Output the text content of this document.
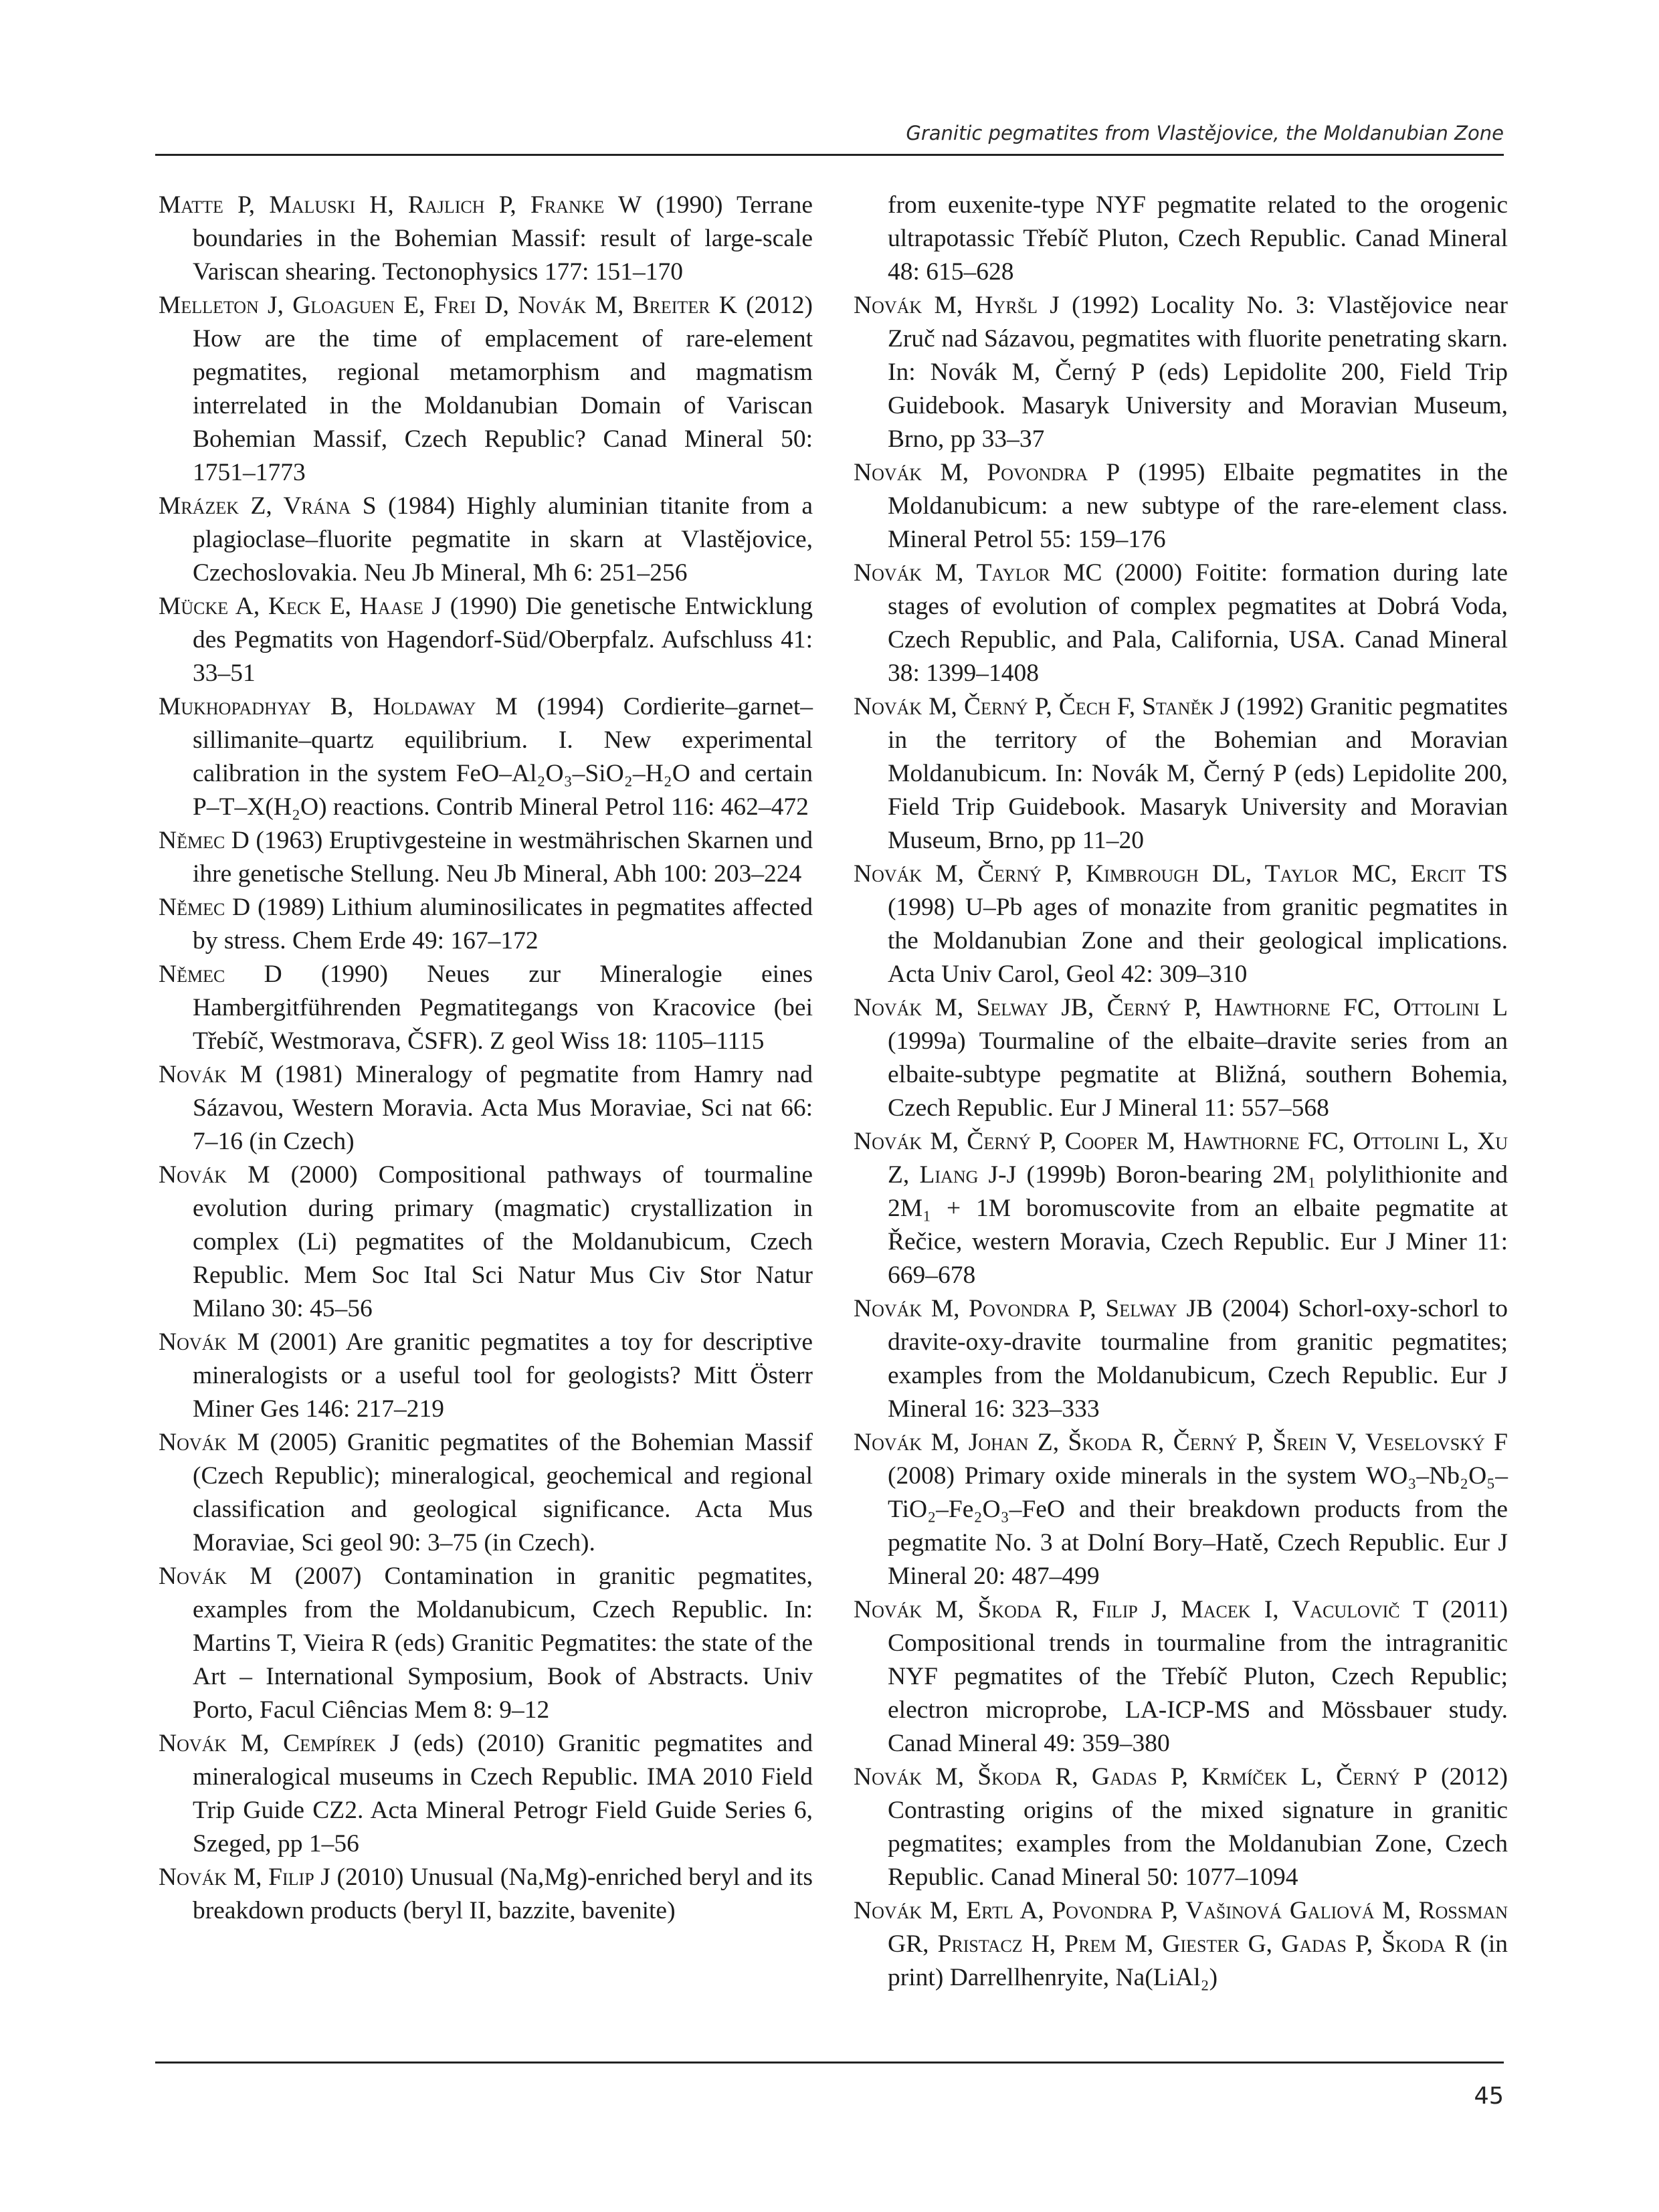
Granitic pegmatites from Vlastějovice, the Moldanubian Zone

Matte P, Maluski H, Rajlich P, Franke W (1990) Terrane boundaries in the Bohemian Massif: result of large-scale Variscan shearing. Tectonophysics 177: 151–170

Melleton J, Gloaguen E, Frei D, Novák M, Breiter K (2012) How are the time of emplacement of rare-element pegmatites, regional metamorphism and magmatism interrelated in the Moldanubian Domain of Variscan Bohemian Massif, Czech Republic? Canad Mineral 50: 1751–1773

Mrázek Z, Vrána S (1984) Highly aluminian titanite from a plagioclase–fluorite pegmatite in skarn at Vlastějovice, Czechoslovakia. Neu Jb Mineral, Mh 6: 251–256

Mücke A, Keck E, Haase J (1990) Die genetische Entwicklung des Pegmatits von Hagendorf-Süd/Oberpfalz. Aufschluss 41: 33–51

Mukhopadhyay B, Holdaway M (1994) Cordierite–garnet–sillimanite–quartz equilibrium. I. New experimental calibration in the system FeO–Al₂O₃–SiO₂–H₂O and certain P–T–X(H₂O) reactions. Contrib Mineral Petrol 116: 462–472

Němec D (1963) Eruptivgesteine in westmährischen Skarnen und ihre genetische Stellung. Neu Jb Mineral, Abh 100: 203–224

Němec D (1989) Lithium aluminosilicates in pegmatites affected by stress. Chem Erde 49: 167–172

Němec D (1990) Neues zur Mineralogie eines Hambergitführenden Pegmatitegangs von Kracovice (bei Třebíč, Westmorava, ČSFR). Z geol Wiss 18: 1105–1115

Novák M (1981) Mineralogy of pegmatite from Hamry nad Sázavou, Western Moravia. Acta Mus Moraviae, Sci nat 66: 7–16 (in Czech)

Novák M (2000) Compositional pathways of tourmaline evolution during primary (magmatic) crystallization in complex (Li) pegmatites of the Moldanubicum, Czech Republic. Mem Soc Ital Sci Natur Mus Civ Stor Natur Milano 30: 45–56

Novák M (2001) Are granitic pegmatites a toy for descriptive mineralogists or a useful tool for geologists? Mitt Österr Miner Ges 146: 217–219

Novák M (2005) Granitic pegmatites of the Bohemian Massif (Czech Republic); mineralogical, geochemical and regional classification and geological significance. Acta Mus Moraviae, Sci geol 90: 3–75 (in Czech).

Novák M (2007) Contamination in granitic pegmatites, examples from the Moldanubicum, Czech Republic. In: Martins T, Vieira R (eds) Granitic Pegmatites: the state of the Art – International Symposium, Book of Abstracts. Univ Porto, Facul Ciências Mem 8: 9–12

Novák M, Cempírek J (eds) (2010) Granitic pegmatites and mineralogical museums in Czech Republic. IMA 2010 Field Trip Guide CZ2. Acta Mineral Petrogr Field Guide Series 6, Szeged, pp 1–56

Novák M, Filip J (2010) Unusual (Na,Mg)-enriched beryl and its breakdown products (beryl II, bazzite, bavenite)

from euxenite-type NYF pegmatite related to the orogenic ultrapotassic Třebíč Pluton, Czech Republic. Canad Mineral 48: 615–628

Novák M, Hyršl J (1992) Locality No. 3: Vlastějovice near Zruč nad Sázavou, pegmatites with fluorite penetrating skarn. In: Novák M, Černý P (eds) Lepidolite 200, Field Trip Guidebook. Masaryk University and Moravian Museum, Brno, pp 33–37

Novák M, Povondra P (1995) Elbaite pegmatites in the Moldanubicum: a new subtype of the rare-element class. Mineral Petrol 55: 159–176

Novák M, Taylor MC (2000) Foitite: formation during late stages of evolution of complex pegmatites at Dobrá Voda, Czech Republic, and Pala, California, USA. Canad Mineral 38: 1399–1408

Novák M, Černý P, Čech F, Staněk J (1992) Granitic pegmatites in the territory of the Bohemian and Moravian Moldanubicum. In: Novák M, Černý P (eds) Lepidolite 200, Field Trip Guidebook. Masaryk University and Moravian Museum, Brno, pp 11–20

Novák M, Černý P, Kimbrough DL, Taylor MC, Ercit TS (1998) U–Pb ages of monazite from granitic pegmatites in the Moldanubian Zone and their geological implications. Acta Univ Carol, Geol 42: 309–310

Novák M, Selway JB, Černý P, Hawthorne FC, Ottolini L (1999a) Tourmaline of the elbaite–dravite series from an elbaite-subtype pegmatite at Bližná, southern Bohemia, Czech Republic. Eur J Mineral 11: 557–568

Novák M, Černý P, Cooper M, Hawthorne FC, Ottolini L, Xu Z, Liang J-J (1999b) Boron-bearing 2M₁ polylithionite and 2M₁ + 1M boromuscovite from an elbaite pegmatite at Řečice, western Moravia, Czech Republic. Eur J Miner 11: 669–678

Novák M, Povondra P, Selway JB (2004) Schorl-oxy-schorl to dravite-oxy-dravite tourmaline from granitic pegmatites; examples from the Moldanubicum, Czech Republic. Eur J Mineral 16: 323–333

Novák M, Johan Z, Škoda R, Černý P, Šrein V, Veselovský F (2008) Primary oxide minerals in the system WO₃–Nb₂O₅–TiO₂–Fe₂O₃–FeO and their breakdown products from the pegmatite No. 3 at Dolní Bory–Hatě, Czech Republic. Eur J Mineral 20: 487–499

Novák M, Škoda R, Filip J, Macek I, Vaculovič T (2011) Compositional trends in tourmaline from the intragranitic NYF pegmatites of the Třebíč Pluton, Czech Republic; electron microprobe, LA-ICP-MS and Mössbauer study. Canad Mineral 49: 359–380

Novák M, Škoda R, Gadas P, Krmíček L, Černý P (2012) Contrasting origins of the mixed signature in granitic pegmatites; examples from the Moldanubian Zone, Czech Republic. Canad Mineral 50: 1077–1094

Novák M, Ertl A, Povondra P, Vašinová Galiová M, Rossman GR, Pristacz H, Prem M, Giester G, Gadas P, Škoda R (in print) Darrellhenryite, Na(LiAl₂)

45
